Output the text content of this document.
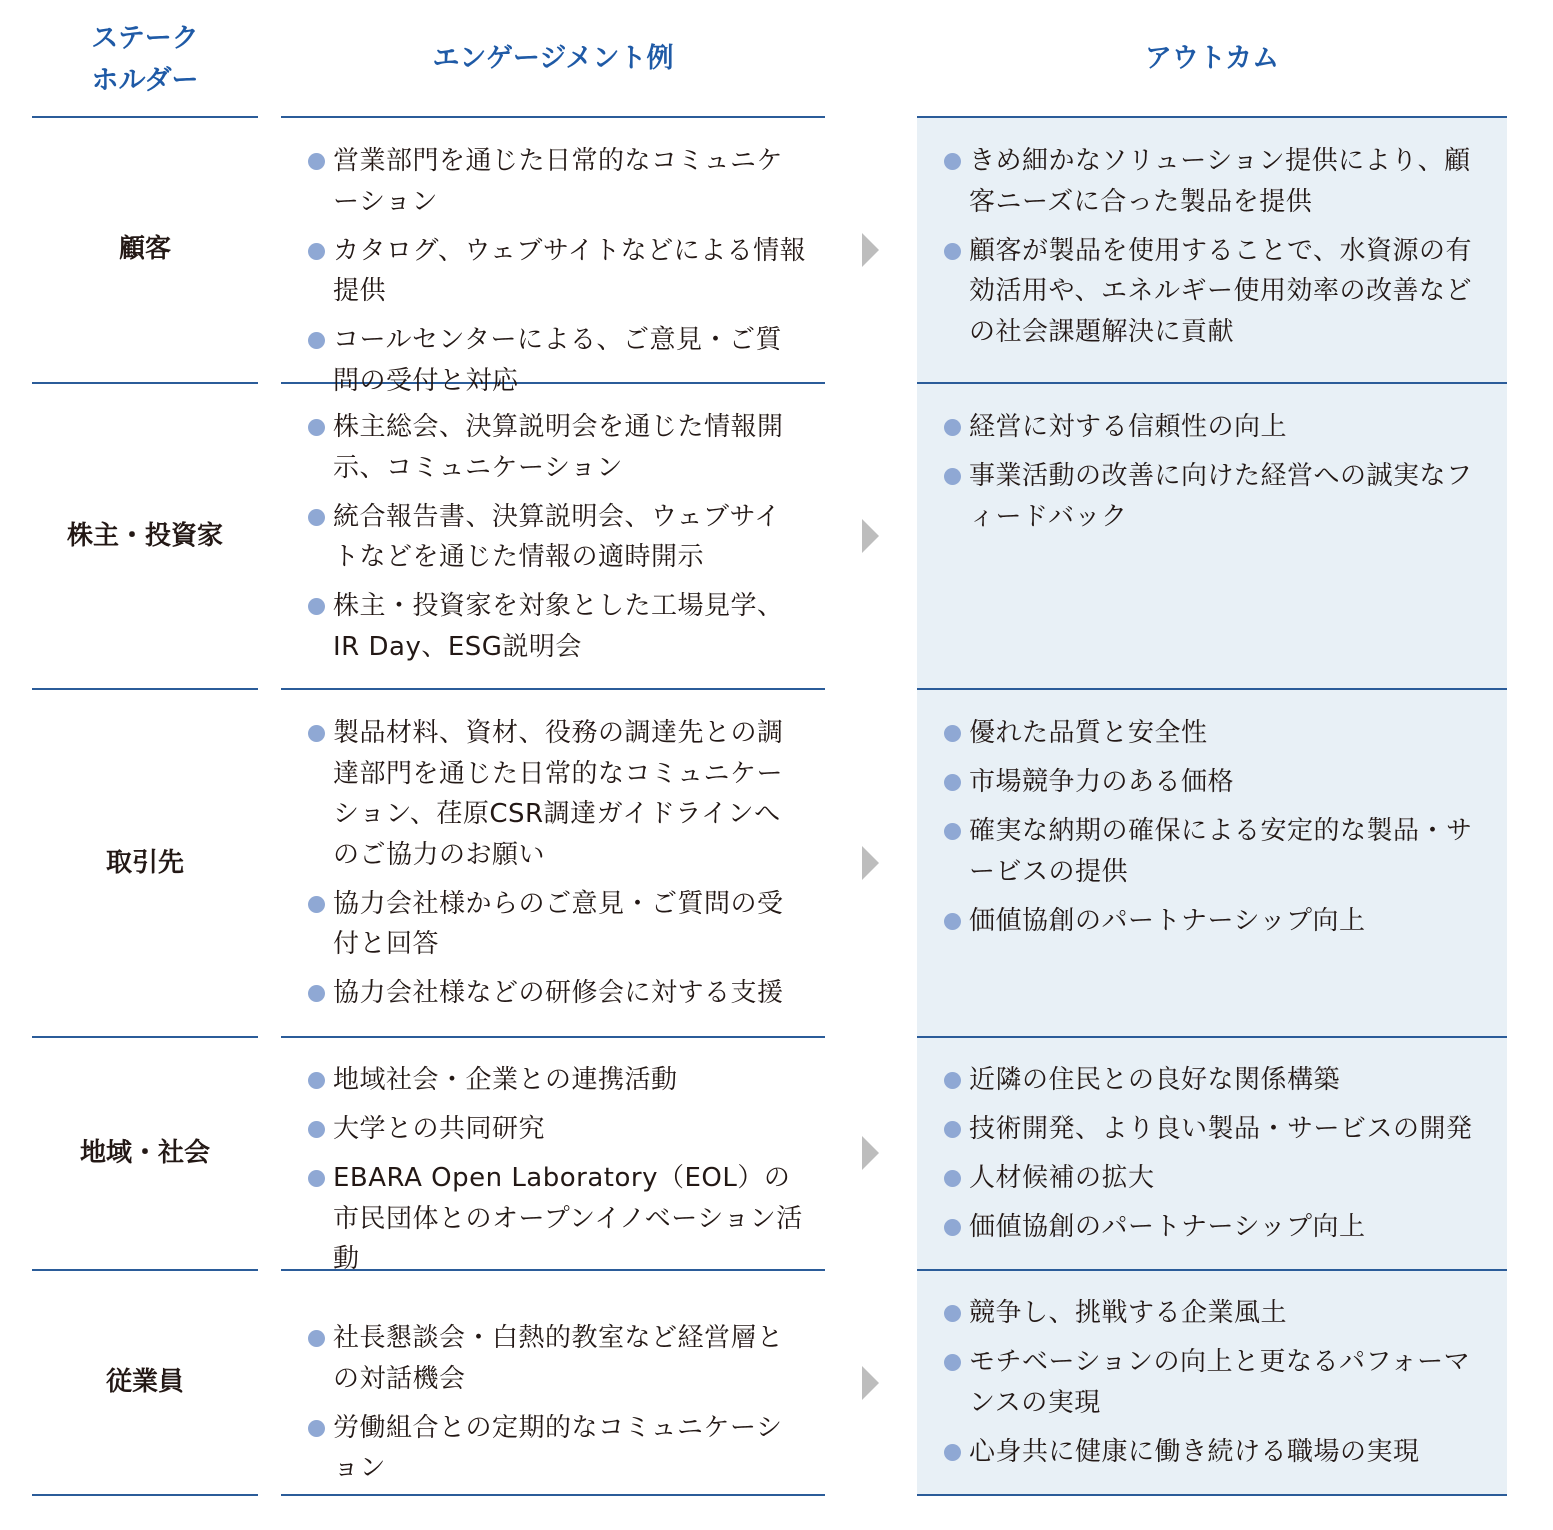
ステーク
ホルダー
エンゲージメント例	アウトカム
顧客
営業部門を通じた日常的なコミュニケーション
カタログ、ウェブサイトなどによる情報提供
コールセンターによる、ご意見・ご質問の受付と対応
きめ細かなソリューション提供により、顧客ニーズに合った製品を提供
顧客が製品を使用することで、水資源の有効活用や、エネルギー使用効率の改善などの社会課題解決に貢献
株主・投資家
株主総会、決算説明会を通じた情報開示、コミュニケーション
統合報告書、決算説明会、ウェブサイトなどを通じた情報の適時開示
株主・投資家を対象とした工場見学、IR Day、ESG説明会
経営に対する信頼性の向上
事業活動の改善に向けた経営への誠実なフィードバック
取引先
製品材料、資材、役務の調達先との調達部門を通じた日常的なコミュニケーション、荏原CSR調達ガイドラインへのご協力のお願い
協力会社様からのご意見・ご質問の受付と回答
協力会社様などの研修会に対する支援
優れた品質と安全性
市場競争力のある価格
確実な納期の確保による安定的な製品・サービスの提供
価値協創のパートナーシップ向上
地域・社会
地域社会・企業との連携活動
大学との共同研究
EBARA Open Laboratory（EOL）の市民団体とのオープンイノベーション活動
近隣の住民との良好な関係構築
技術開発、より良い製品・サービスの開発
人材候補の拡大
価値協創のパートナーシップ向上
従業員
社長懇談会・白熱的教室など経営層との対話機会
労働組合との定期的なコミュニケーション
競争し、挑戦する企業風土
モチベーションの向上と更なるパフォーマンスの実現
心身共に健康に働き続ける職場の実現
